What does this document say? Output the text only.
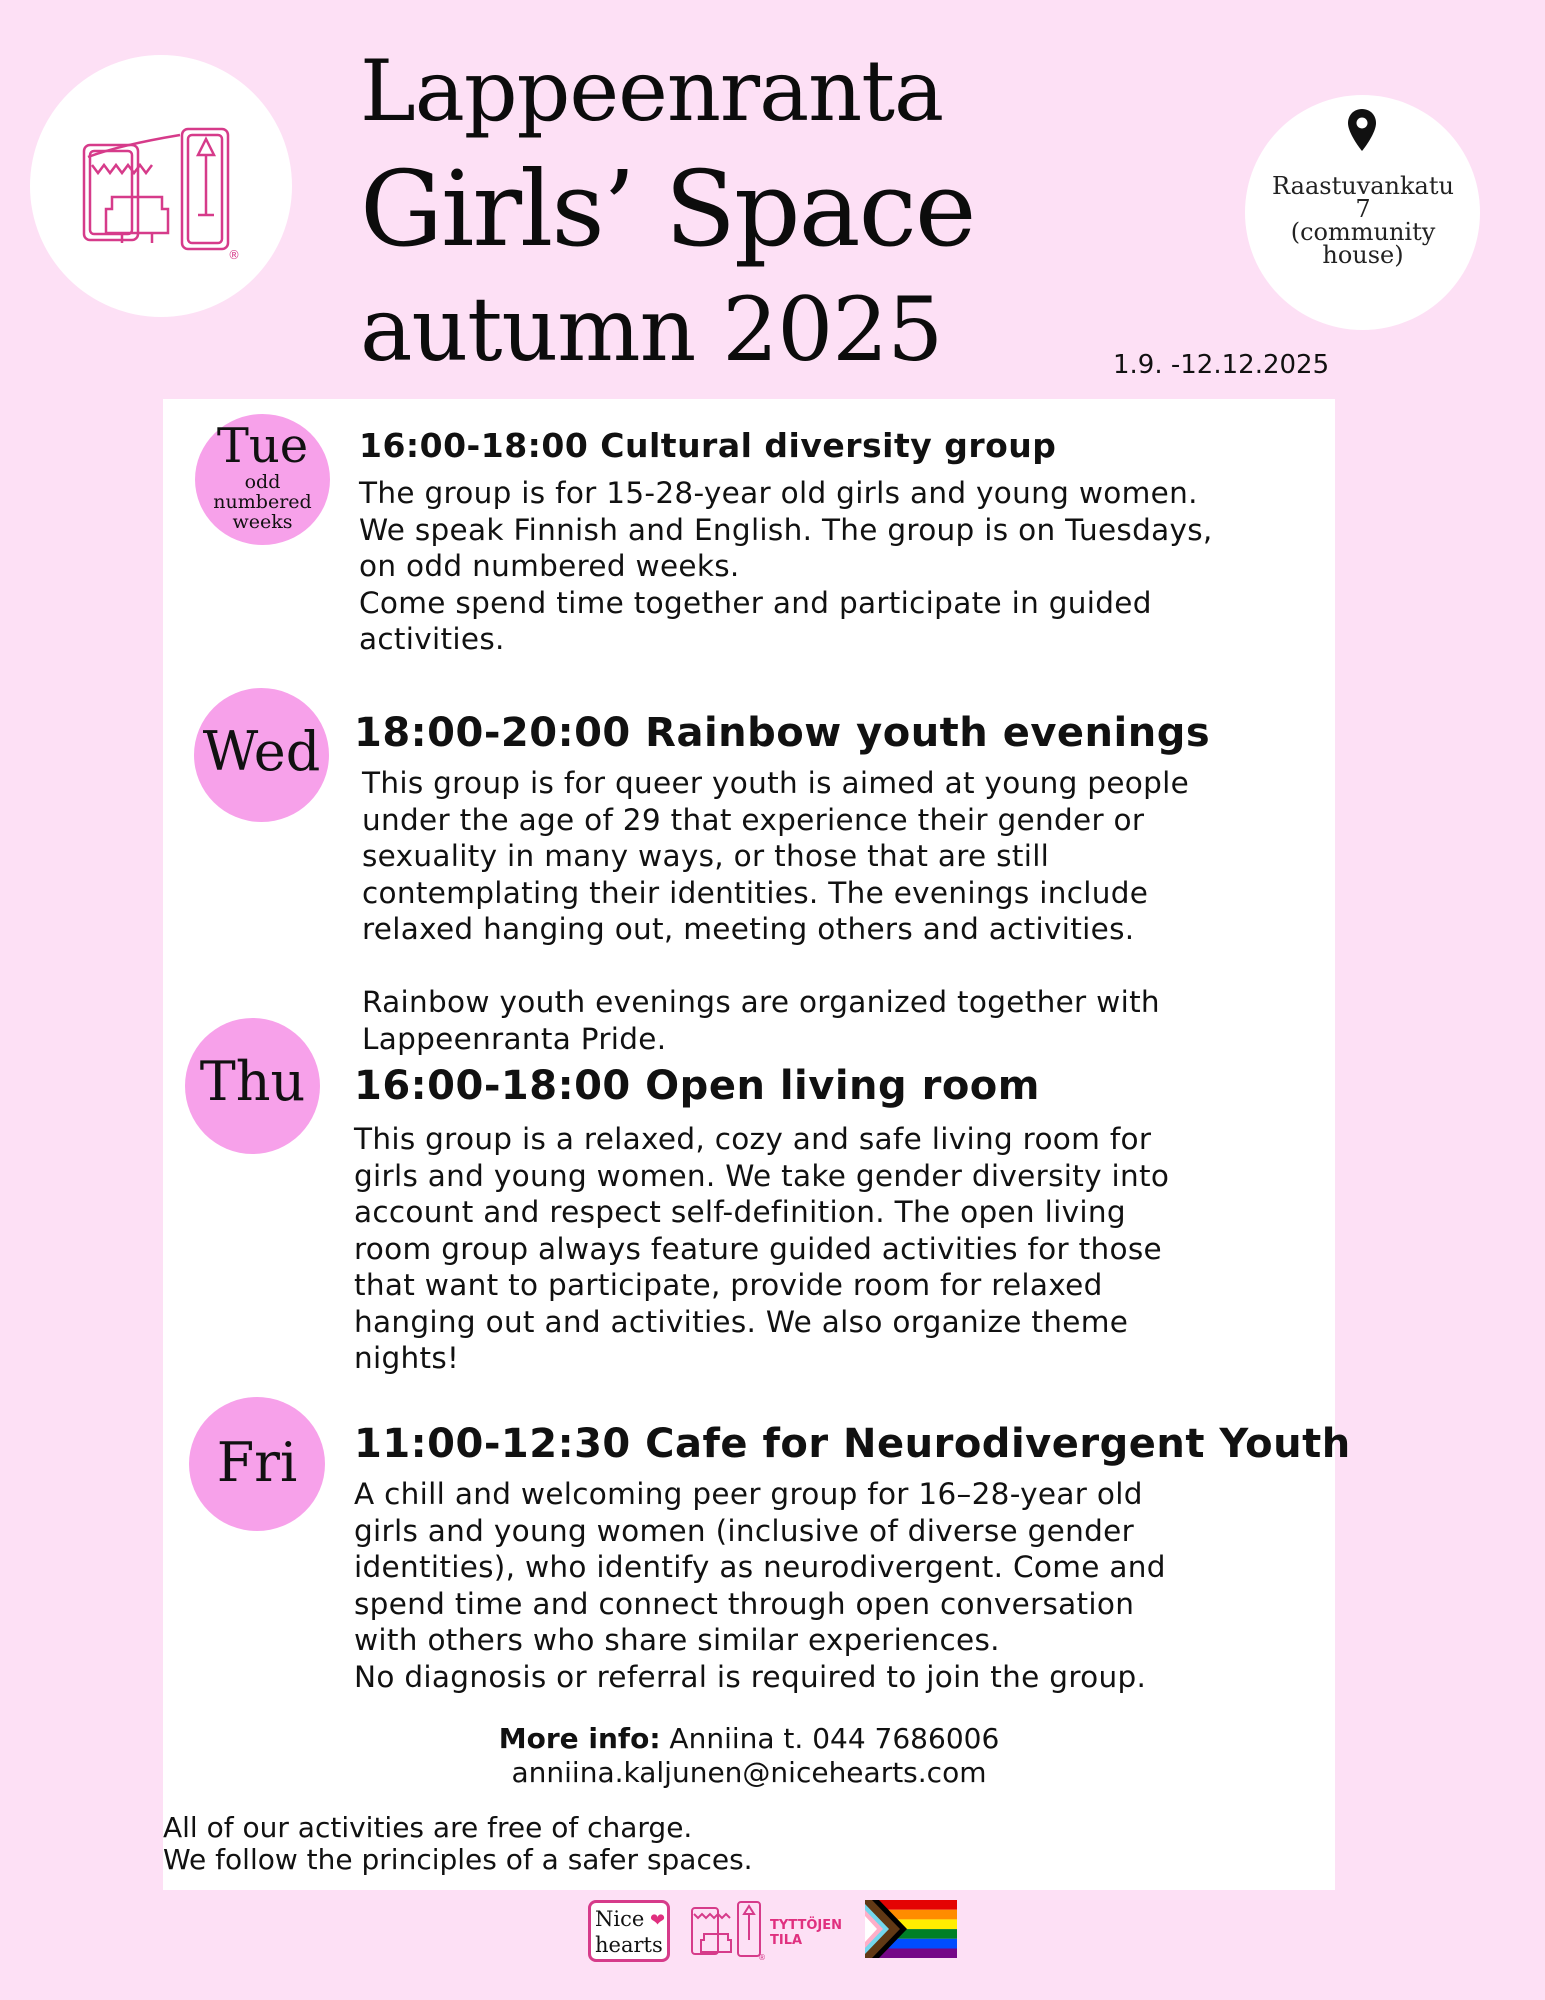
®
Lappeenranta
Girls’ Space
autumn 2025
Raastuvankatu
7
(community
house)
1.9. -12.12.2025
Tue
odd
numbered
weeks
16:00-18:00 Cultural diversity group

The group is for 15-28-year old girls and young women.
We speak Finnish and English. The group is on Tuesdays,
on odd numbered weeks.
Come spend time together and participate in guided
activities.

Wed 18:00-20:00 Rainbow youth evenings

This group is for queer youth is aimed at young people
under the age of 29 that experience their gender or
sexuality in many ways, or those that are still
contemplating their identities. The evenings include
relaxed hanging out, meeting others and activities.

Rainbow youth evenings are organized together with
Lappeenranta Pride.

Thu	16:00-18:00 Open living room

This group is a relaxed, cozy and safe living room for
girls and young women. We take gender diversity into
account and respect self-definition. The open living
room group always feature guided activities for those
that want to participate, provide room for relaxed
hanging out and activities. We also organize theme
nights!

Fri	11:00-12:30 Cafe for Neurodivergent Youth

A chill and welcoming peer group for 16–28-year old
girls and young women (inclusive of diverse gender
identities), who identify as neurodivergent. Come and
spend time and connect through open conversation
with others who share similar experiences.
No diagnosis or referral is required to join the group.

More info: Anniina t. 044 7686006
anniina.kaljunen@nicehearts.com
All of our activities are free of charge.
We follow the principles of a safer spaces.
Nice ❤
hearts
®
TYTTÖJEN
TILA
